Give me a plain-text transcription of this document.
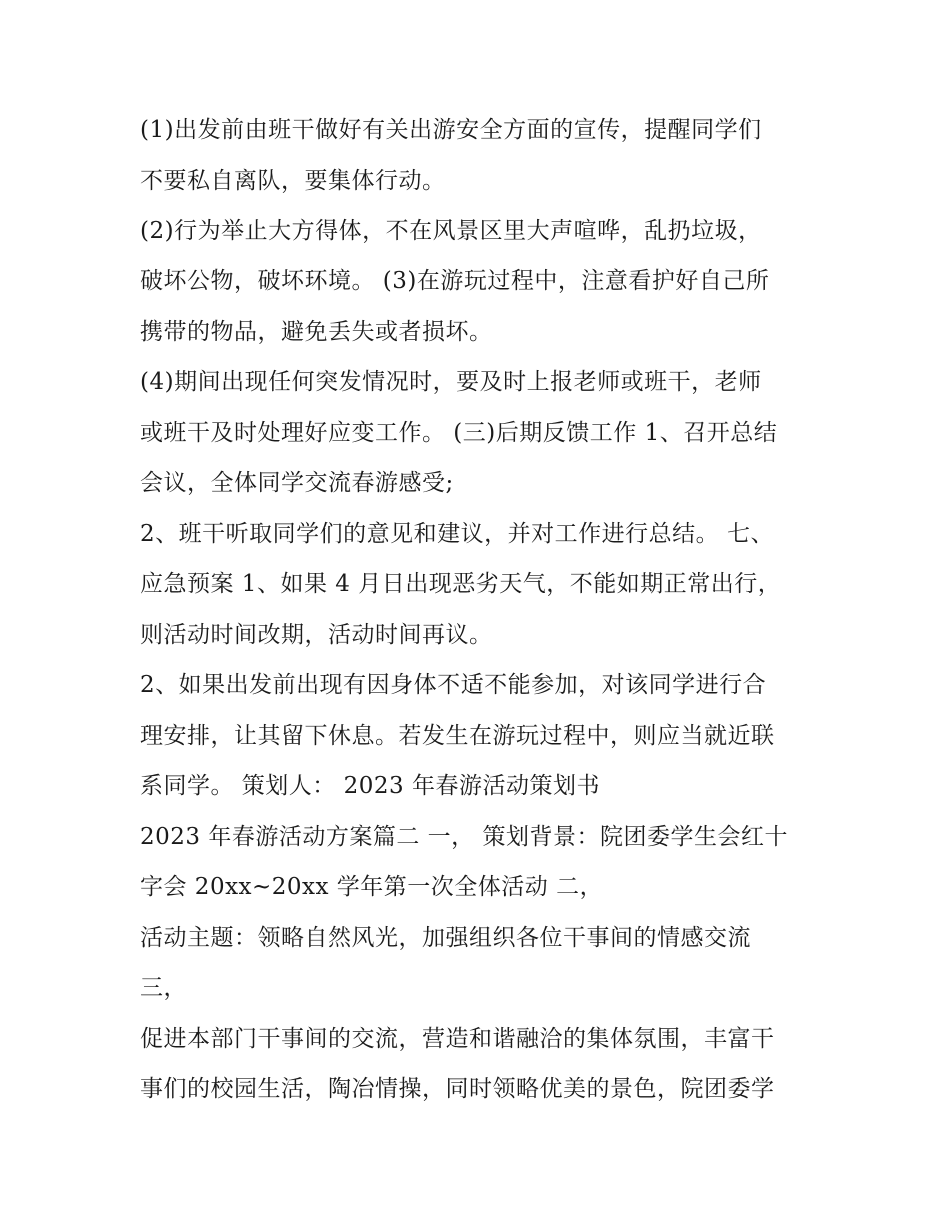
(1)出发前由班干做好有关出游安全方面的宣传，提醒同学们
不要私自离队，要集体行动。
(2)行为举止大方得体，不在风景区里大声喧哗，乱扔垃圾，
破坏公物，破坏环境。 (3)在游玩过程中，注意看护好自己所
携带的物品，避免丢失或者损坏。
(4)期间出现任何突发情况时，要及时上报老师或班干，老师
或班干及时处理好应变工作。 (三)后期反馈工作 1、召开总结
会议，全体同学交流春游感受;
2、班干听取同学们的意见和建议，并对工作进行总结。 七、
应急预案 1、如果 4 月日出现恶劣天气，不能如期正常出行，
则活动时间改期，活动时间再议。
2、如果出发前出现有因身体不适不能参加，对该同学进行合
理安排，让其留下休息。若发生在游玩过程中，则应当就近联
系同学。 策划人： 2023 年春游活动策划书
2023 年春游活动方案篇二 一， 策划背景：院团委学生会红十
字会 20xx~20xx 学年第一次全体活动 二，
活动主题：领略自然风光，加强组织各位干事间的情感交流
三，
促进本部门干事间的交流，营造和谐融洽的集体氛围，丰富干
事们的校园生活，陶冶情操，同时领略优美的景色，院团委学
